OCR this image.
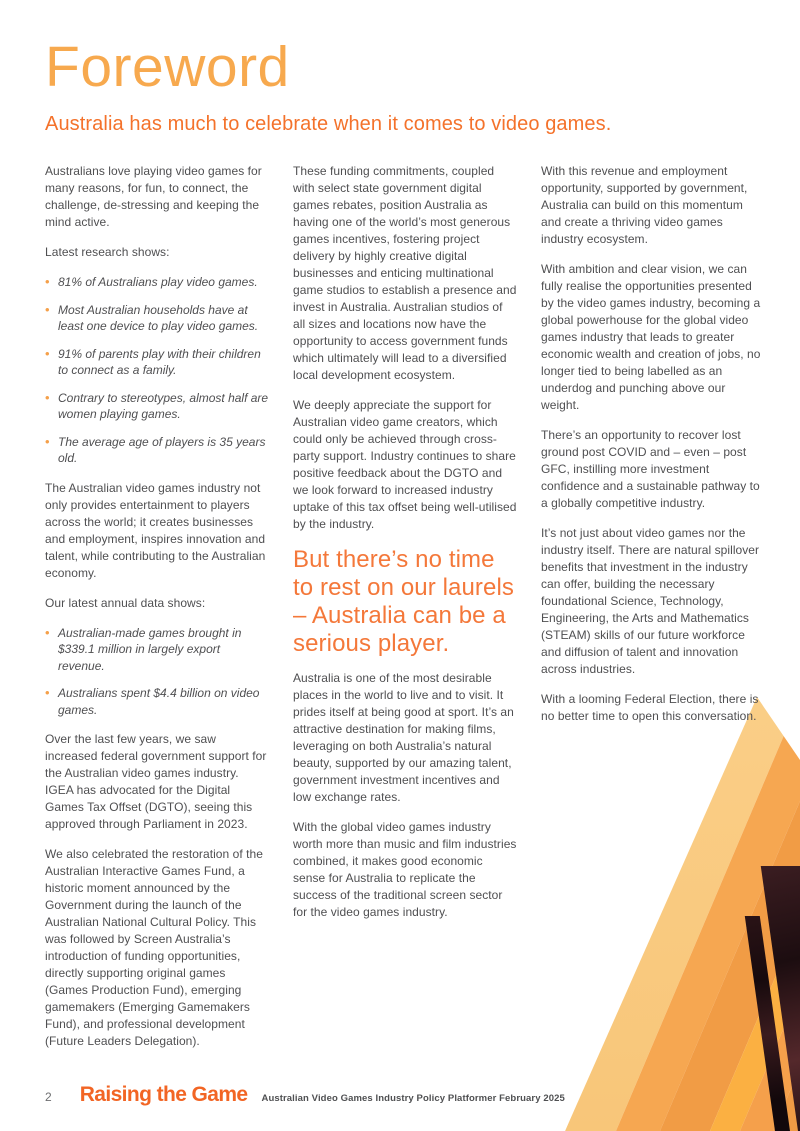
Foreword

Australia has much to celebrate when it comes to video games.

Australians love playing video games for many reasons, for fun, to connect, the challenge, de-stressing and keeping the mind active.

Latest research shows:

• 81% of Australians play video games.
• Most Australian households have at least one device to play video games.
• 91% of parents play with their children to connect as a family.
• Contrary to stereotypes, almost half are women playing games.
• The average age of players is 35 years old.

The Australian video games industry not only provides entertainment to players across the world; it creates businesses and employment, inspires innovation and talent, while contributing to the Australian economy.

Our latest annual data shows:

• Australian-made games brought in $339.1 million in largely export revenue.
• Australians spent $4.4 billion on video games.

Over the last few years, we saw increased federal government support for the Australian video games industry. IGEA has advocated for the Digital Games Tax Offset (DGTO), seeing this approved through Parliament in 2023.

We also celebrated the restoration of the Australian Interactive Games Fund, a historic moment announced by the Government during the launch of the Australian National Cultural Policy. This was followed by Screen Australia’s introduction of funding opportunities, directly supporting original games (Games Production Fund), emerging gamemakers (Emerging Gamemakers Fund), and professional development (Future Leaders Delegation).

These funding commitments, coupled with select state government digital games rebates, position Australia as having one of the world’s most generous games incentives, fostering project delivery by highly creative digital businesses and enticing multinational game studios to establish a presence and invest in Australia. Australian studios of all sizes and locations now have the opportunity to access government funds which ultimately will lead to a diversified local development ecosystem.

We deeply appreciate the support for Australian video game creators, which could only be achieved through cross-party support. Industry continues to share positive feedback about the DGTO and we look forward to increased industry uptake of this tax offset being well-utilised by the industry.

But there’s no time to rest on our laurels – Australia can be a serious player.

Australia is one of the most desirable places in the world to live and to visit. It prides itself at being good at sport. It’s an attractive destination for making films, leveraging on both Australia’s natural beauty, supported by our amazing talent, government investment incentives and low exchange rates.

With the global video games industry worth more than music and film industries combined, it makes good economic sense for Australia to replicate the success of the traditional screen sector for the video games industry.

With this revenue and employment opportunity, supported by government, Australia can build on this momentum and create a thriving video games industry ecosystem.

With ambition and clear vision, we can fully realise the opportunities presented by the video games industry, becoming a global powerhouse for the global video games industry that leads to greater economic wealth and creation of jobs, no longer tied to being labelled as an underdog and punching above our weight.

There’s an opportunity to recover lost ground post COVID and – even – post GFC, instilling more investment confidence and a sustainable pathway to a globally competitive industry.

It’s not just about video games nor the industry itself. There are natural spillover benefits that investment in the industry can offer, building the necessary foundational Science, Technology, Engineering, the Arts and Mathematics (STEAM) skills of our future workforce and diffusion of talent and innovation across industries.

With a looming Federal Election, there is no better time to open this conversation.

2 Raising the Game Australian Video Games Industry Policy Platformer February 2025
